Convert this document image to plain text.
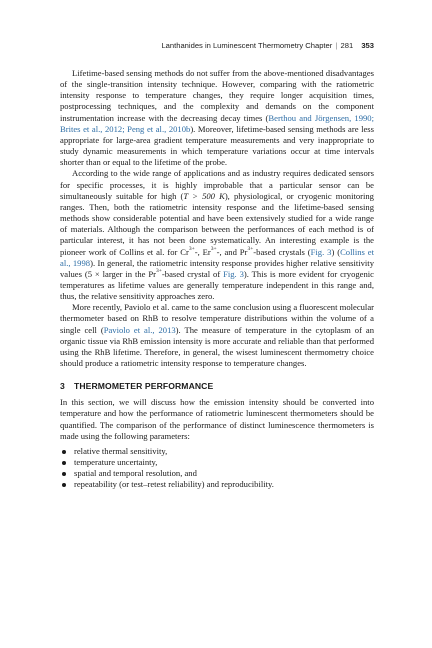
Lanthanides in Luminescent Thermometry Chapter | 281 353

Lifetime-based sensing methods do not suffer from the above-mentioned disadvantages of the single-transition intensity technique. However, comparing with the ratiometric intensity response to temperature changes, they require longer acquisition times, postprocessing techniques, and the complexity and demands on the component instrumentation increase with the decreasing decay times (Berthou and Jörgensen, 1990; Brites et al., 2012; Peng et al., 2010b). Moreover, lifetime-based sensing methods are less appropriate for large-area gradient temperature measurements and very inappropriate to study dynamic measurements in which temperature variations occur at time intervals shorter than or equal to the lifetime of the probe.

According to the wide range of applications and as industry requires dedicated sensors for specific processes, it is highly improbable that a particular sensor can be simultaneously suitable for high (T > 500 K), physiological, or cryogenic monitoring ranges. Then, both the ratiometric intensity response and the lifetime-based sensing methods show considerable potential and have been extensively studied for a wide range of materials. Although the comparison between the performances of each method is of particular interest, it has not been done systematically. An interesting example is the pioneer work of Collins et al. for $Cr^{3+}-$, $Er^{3+}-$, and $Pr^{3+}$-based crystals (Fig. 3) (Collins et al., 1998). In general, the ratiometric intensity response provides higher relative sensitivity values (5 × larger in the $Pr^{3+}$-based crystal of Fig. 3). This is more evident for cryogenic temperatures as lifetime values are generally temperature independent in this range and, thus, the relative sensitivity approaches zero.

More recently, Paviolo et al. came to the same conclusion using a fluorescent molecular thermometer based on RhB to resolve temperature distributions within the volume of a single cell (Paviolo et al., 2013). The measure of temperature in the cytoplasm of an organic tissue via RhB emission intensity is more accurate and reliable than that performed using the RhB lifetime. Therefore, in general, the wisest luminescent thermometry choice should produce a ratiometric intensity response to temperature changes.

3 THERMOMETER PERFORMANCE

In this section, we will discuss how the emission intensity should be converted into temperature and how the performance of ratiometric luminescent thermometers should be quantified. The comparison of the performance of distinct luminescence thermometers is made using the following parameters:

relative thermal sensitivity,
temperature uncertainty,
spatial and temporal resolution, and
repeatability (or test–retest reliability) and reproducibility.
